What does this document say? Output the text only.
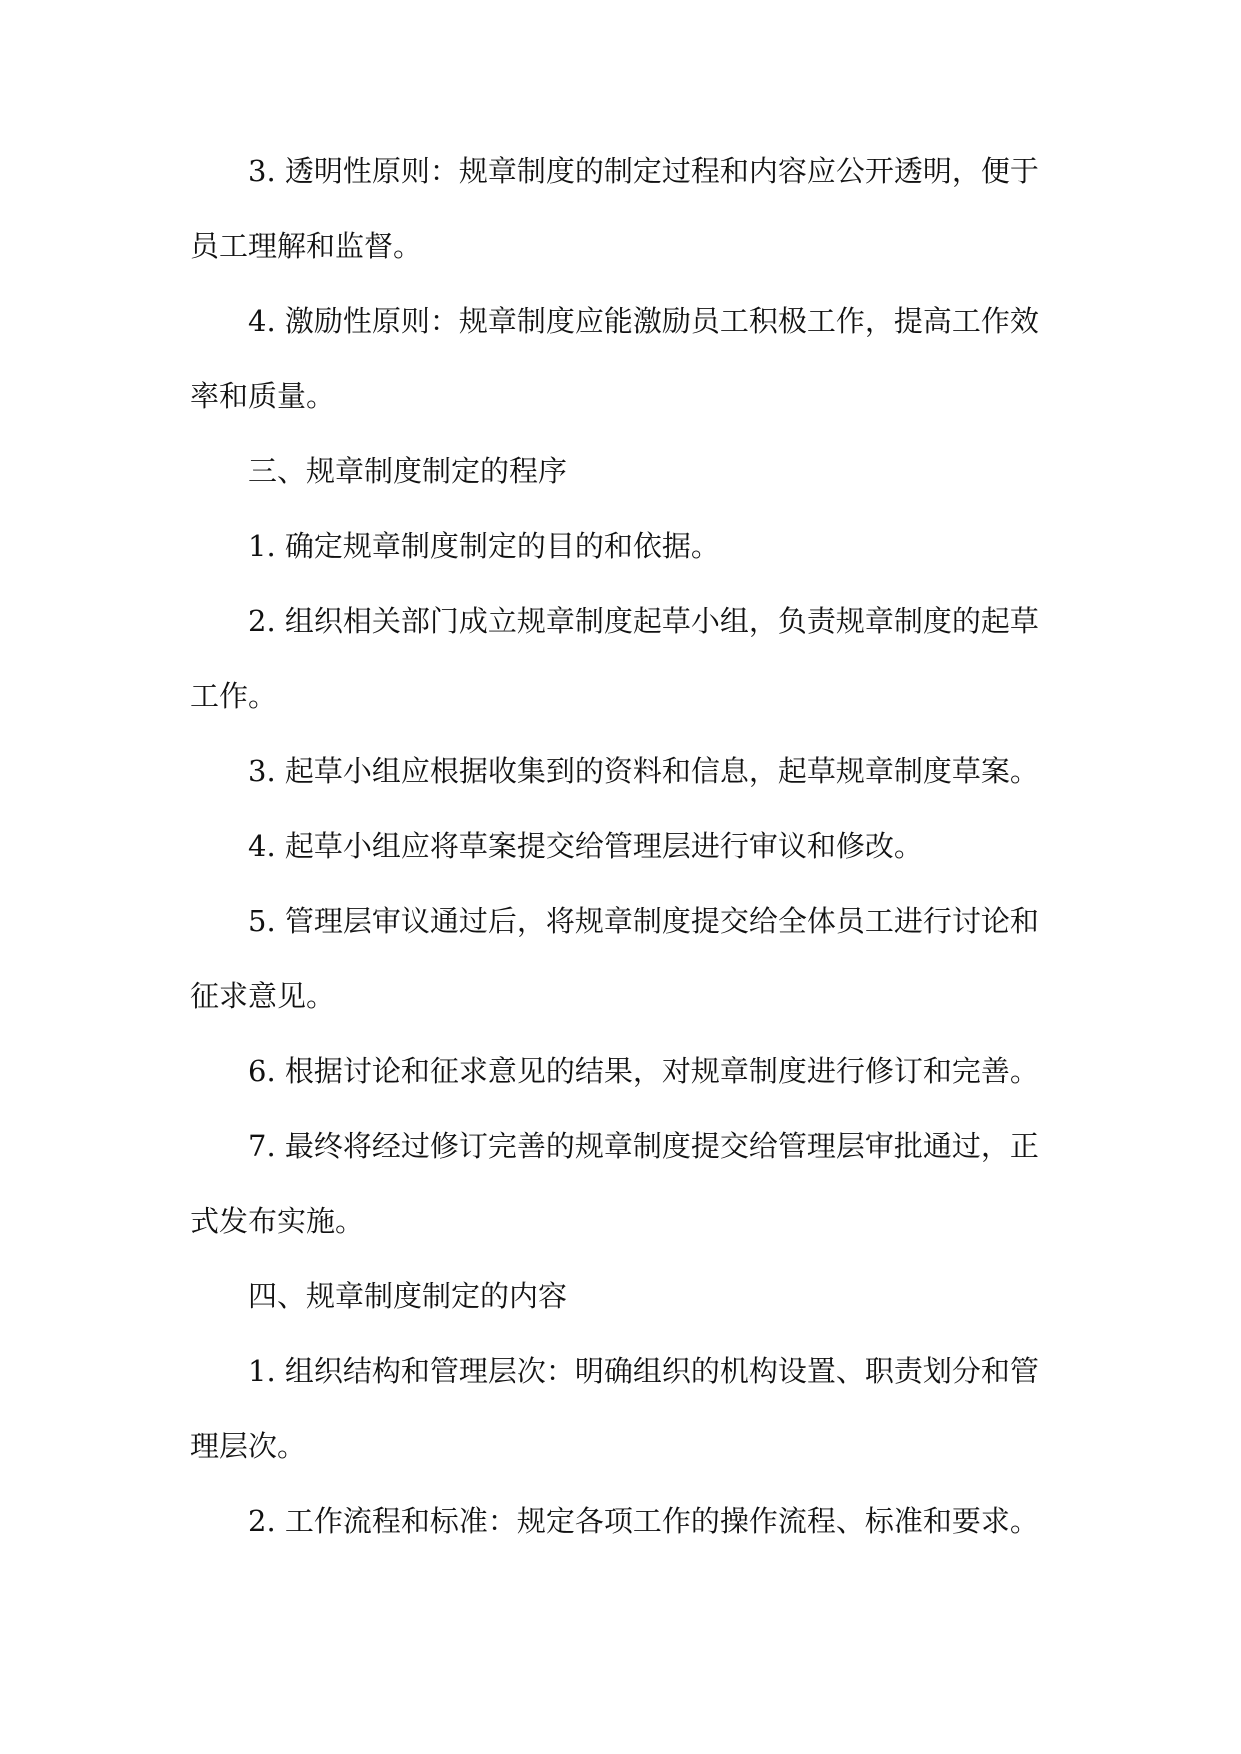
3. 透明性原则：规章制度的制定过程和内容应公开透明，便于员工理解和监督。

4. 激励性原则：规章制度应能激励员工积极工作，提高工作效率和质量。

三、规章制度制定的程序

1. 确定规章制度制定的目的和依据。

2. 组织相关部门成立规章制度起草小组，负责规章制度的起草工作。

3. 起草小组应根据收集到的资料和信息，起草规章制度草案。

4. 起草小组应将草案提交给管理层进行审议和修改。

5. 管理层审议通过后，将规章制度提交给全体员工进行讨论和征求意见。

6. 根据讨论和征求意见的结果，对规章制度进行修订和完善。

7. 最终将经过修订完善的规章制度提交给管理层审批通过，正式发布实施。

四、规章制度制定的内容

1. 组织结构和管理层次：明确组织的机构设置、职责划分和管理层次。

2. 工作流程和标准：规定各项工作的操作流程、标准和要求。
